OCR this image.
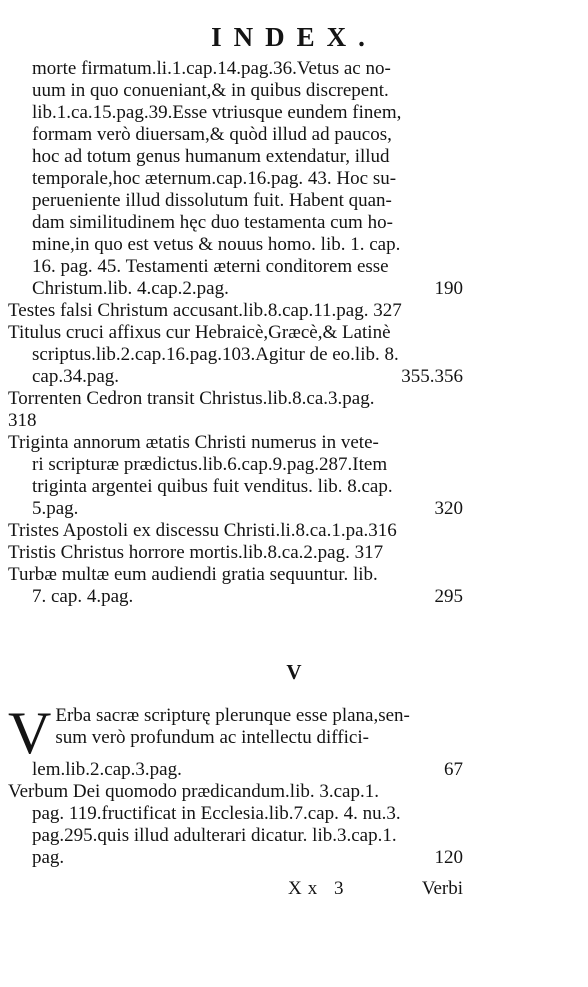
INDEX.
morte firmatum.li.1.cap.14.pag.36.Vetus ac no-
uum in quo conueniant,& in quibus discrepent.
lib.1.ca.15.pag.39.Esse vtriusque eundem finem,
formam verò diuersam,& quòd illud ad paucos,
hoc ad totum genus humanum extendatur, illud
temporale,hoc æternum.cap.16.pag. 43. Hoc su-
perueniente illud dissolutum fuit. Habent quan-
dam similitudinem hęc duo testamenta cum ho-
mine,in quo est vetus & nouus homo. lib. 1. cap.
16. pag. 45. Testamenti æterni conditorem esse
Christum.lib. 4.cap.2.pag.	190
Testes falsi Christum accusant.lib.8.cap.11.pag. 327
Titulus cruci affixus cur Hebraicè,Græcè,& Latinè
scriptus.lib.2.cap.16.pag.103.Agitur de eo.lib. 8.
cap.34.pag.	355.356
Torrenten Cedron transit Christus.lib.8.ca.3.pag.
318
Triginta annorum ætatis Christi numerus in vete-
ri scripturæ prædictus.lib.6.cap.9.pag.287.Item
triginta argentei quibus fuit venditus. lib. 8.cap.
5.pag.	320
Tristes Apostoli ex discessu Christi.li.8.ca.1.pa.316
Tristis Christus horrore mortis.lib.8.ca.2.pag. 317
Turbæ multæ eum audiendi gratia sequuntur. lib.
7. cap. 4.pag.	295
V
V Erba sacræ scripturę plerunque esse plana,sen-
sum verò profundum ac intellectu diffici-
lem.lib.2.cap.3.pag.	67
Verbum Dei quomodo prædicandum.lib. 3.cap.1.
pag. 119.fructificat in Ecclesia.lib.7.cap. 4. nu.3.
pag.295.quis illud adulterari dicatur. lib.3.cap.1.
pag.	120
Xx 3	Verbi
